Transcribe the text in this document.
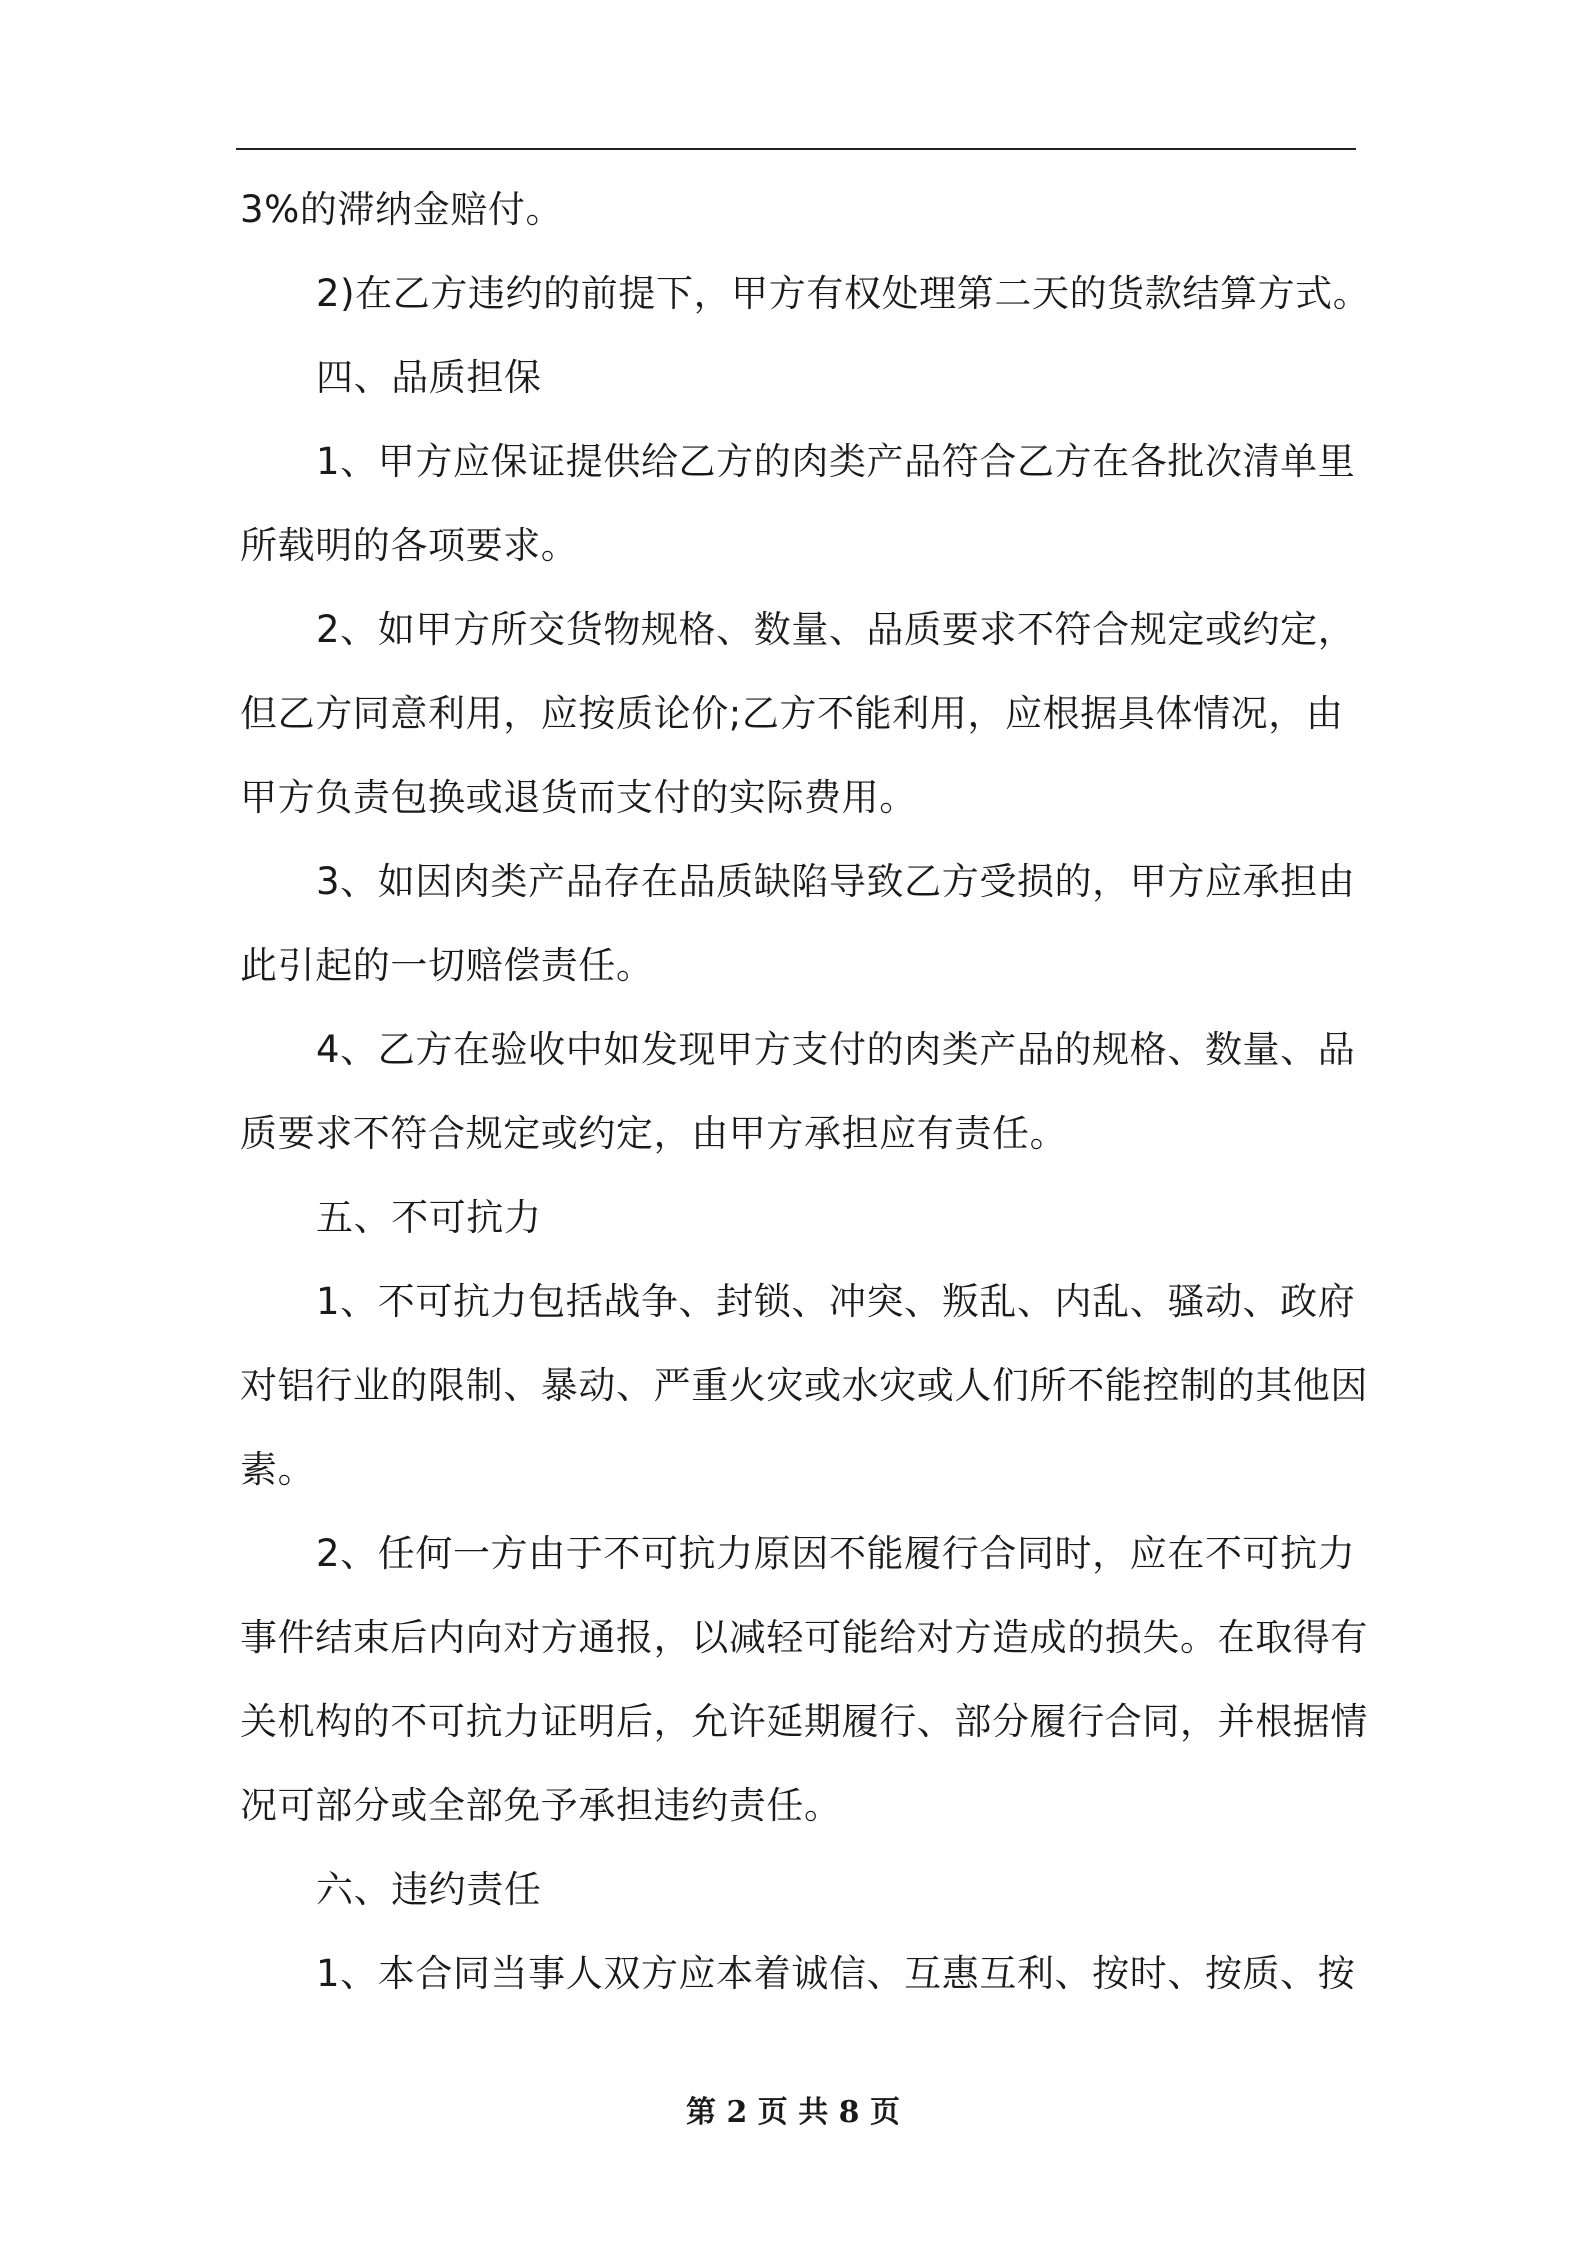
3%的滞纳金赔付。
2)在乙方违约的前提下，甲方有权处理第二天的货款结算方式。
四、品质担保
1、甲方应保证提供给乙方的肉类产品符合乙方在各批次清单里
所载明的各项要求。
2、如甲方所交货物规格、数量、品质要求不符合规定或约定，
但乙方同意利用，应按质论价;乙方不能利用，应根据具体情况，由
甲方负责包换或退货而支付的实际费用。
3、如因肉类产品存在品质缺陷导致乙方受损的，甲方应承担由
此引起的一切赔偿责任。
4、乙方在验收中如发现甲方支付的肉类产品的规格、数量、品
质要求不符合规定或约定，由甲方承担应有责任。
五、不可抗力
1、不可抗力包括战争、封锁、冲突、叛乱、内乱、骚动、政府
对铝行业的限制、暴动、严重火灾或水灾或人们所不能控制的其他因
素。
2、任何一方由于不可抗力原因不能履行合同时，应在不可抗力
事件结束后内向对方通报，以减轻可能给对方造成的损失。在取得有
关机构的不可抗力证明后，允许延期履行、部分履行合同，并根据情
况可部分或全部免予承担违约责任。
六、违约责任
1、本合同当事人双方应本着诚信、互惠互利、按时、按质、按
第 2 页 共 8 页
